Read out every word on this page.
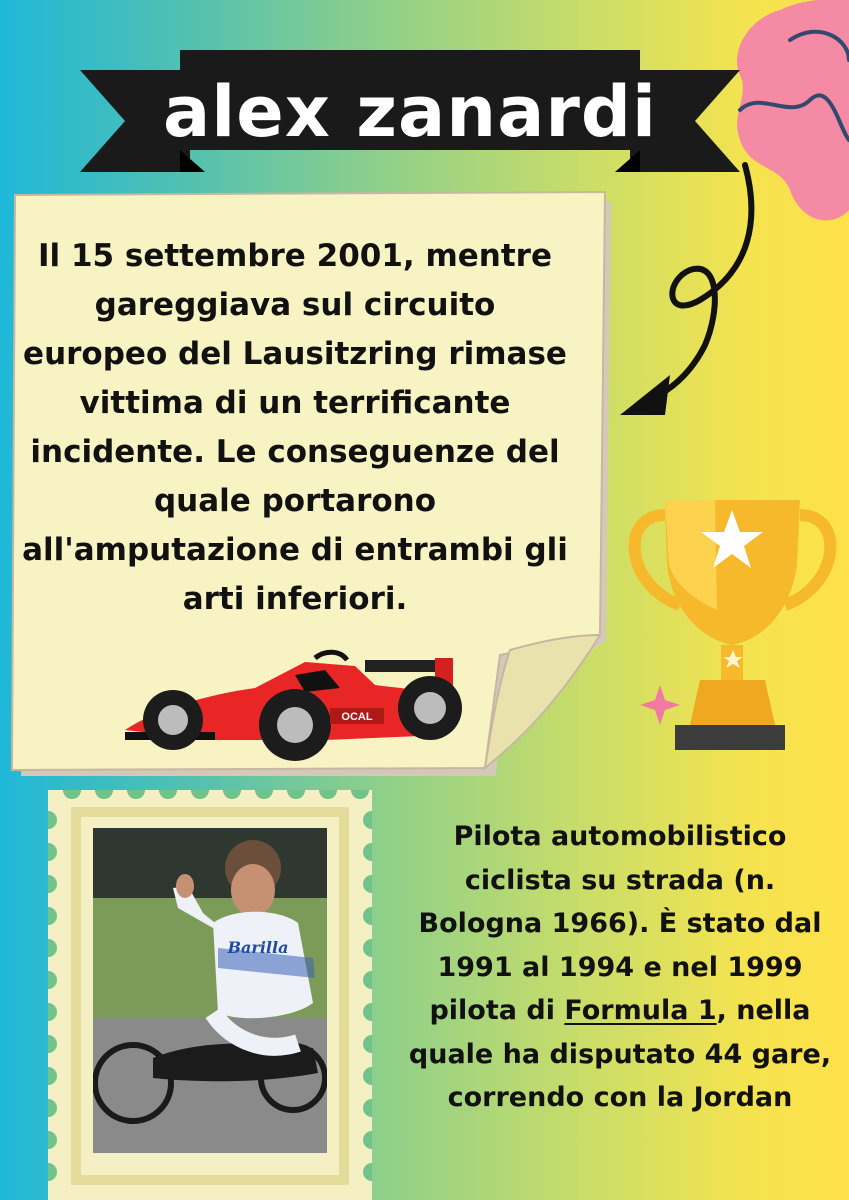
alex zanardi
Il 15 settembre 2001, mentre gareggiava sul circuito europeo del Lausitzring rimase vittima di un terrificante incidente. Le conseguenze del quale portarono all'amputazione di entrambi gli arti inferiori.
OCAL
Barilla
Pilota automobilistico ciclista su strada (n. Bologna 1966). È stato dal 1991 al 1994 e nel 1999 pilota di Formula 1, nella quale ha disputato 44 gare, correndo con la Jordan
